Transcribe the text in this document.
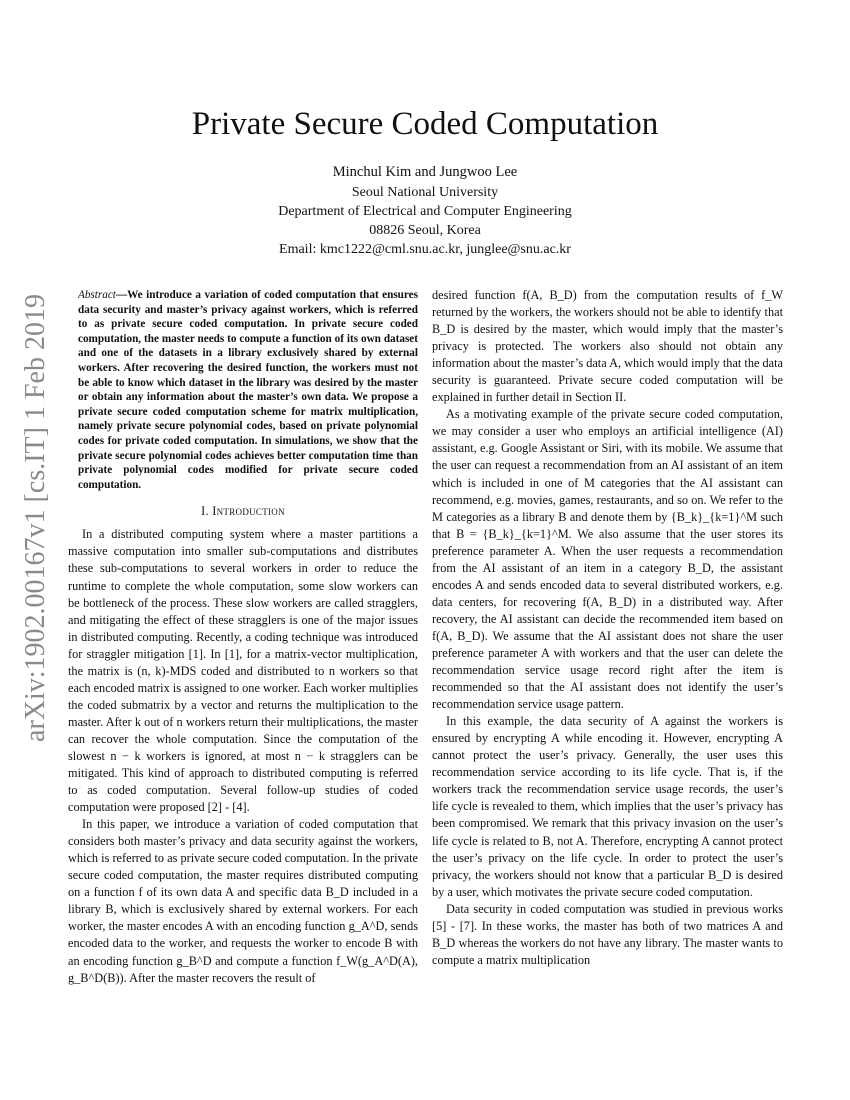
arXiv:1902.00167v1 [cs.IT] 1 Feb 2019
Private Secure Coded Computation
Minchul Kim and Jungwoo Lee
Seoul National University
Department of Electrical and Computer Engineering
08826 Seoul, Korea
Email: kmc1222@cml.snu.ac.kr, junglee@snu.ac.kr
Abstract—We introduce a variation of coded computation that ensures data security and master’s privacy against workers, which is referred to as private secure coded computation. In private secure coded computation, the master needs to compute a function of its own dataset and one of the datasets in a library exclusively shared by external workers. After recovering the desired function, the workers must not be able to know which dataset in the library was desired by the master or obtain any information about the master’s own data. We propose a private secure coded computation scheme for matrix multiplication, namely private secure polynomial codes, based on private polynomial codes for private coded computation. In simulations, we show that the private secure polynomial codes achieves better computation time than private polynomial codes modified for private secure coded computation.
I. Introduction

In a distributed computing system where a master partitions a massive computation into smaller sub-computations and distributes these sub-computations to several workers in order to reduce the runtime to complete the whole computation, some slow workers can be bottleneck of the process. These slow workers are called stragglers, and mitigating the effect of these stragglers is one of the major issues in distributed computing. Recently, a coding technique was introduced for straggler mitigation [1]. In [1], for a matrix-vector multiplication, the matrix is (n, k)-MDS coded and distributed to n workers so that each encoded matrix is assigned to one worker. Each worker multiplies the coded submatrix by a vector and returns the multiplication to the master. After k out of n workers return their multiplications, the master can recover the whole computation. Since the computation of the slowest n − k workers is ignored, at most n − k stragglers can be mitigated. This kind of approach to distributed computing is referred to as coded computation. Several follow-up studies of coded computation were proposed [2] - [4].

In this paper, we introduce a variation of coded computation that considers both master’s privacy and data security against the workers, which is referred to as private secure coded computation. In the private secure coded computation, the master requires distributed computing on a function f of its own data A and specific data B_D included in a library B, which is exclusively shared by external workers. For each worker, the master encodes A with an encoding function g_A^D, sends encoded data to the worker, and requests the worker to encode B with an encoding function g_B^D and compute a function f_W(g_A^D(A), g_B^D(B)). After the master recovers the result of

desired function f(A, B_D) from the computation results of f_W returned by the workers, the workers should not be able to identify that B_D is desired by the master, which would imply that the master’s privacy is protected. The workers also should not obtain any information about the master’s data A, which would imply that the data security is guaranteed. Private secure coded computation will be explained in further detail in Section II.

As a motivating example of the private secure coded computation, we may consider a user who employs an artificial intelligence (AI) assistant, e.g. Google Assistant or Siri, with its mobile. We assume that the user can request a recommendation from an AI assistant of an item which is included in one of M categories that the AI assistant can recommend, e.g. movies, games, restaurants, and so on. We refer to the M categories as a library B and denote them by {B_k}_{k=1}^M such that B = {B_k}_{k=1}^M. We also assume that the user stores its preference parameter A. When the user requests a recommendation from the AI assistant of an item in a category B_D, the assistant encodes A and sends encoded data to several distributed workers, e.g. data centers, for recovering f(A, B_D) in a distributed way. After recovery, the AI assistant can decide the recommended item based on f(A, B_D). We assume that the AI assistant does not share the user preference parameter A with workers and that the user can delete the recommendation service usage record right after the item is recommended so that the AI assistant does not identify the user’s recommendation service usage pattern.

In this example, the data security of A against the workers is ensured by encrypting A while encoding it. However, encrypting A cannot protect the user’s privacy. Generally, the user uses this recommendation service according to its life cycle. That is, if the workers track the recommendation service usage records, the user’s life cycle is revealed to them, which implies that the user’s privacy has been compromised. We remark that this privacy invasion on the user’s life cycle is related to B, not A. Therefore, encrypting A cannot protect the user’s privacy on the life cycle. In order to protect the user’s privacy, the workers should not know that a particular B_D is desired by a user, which motivates the private secure coded computation.

Data security in coded computation was studied in previous works [5] - [7]. In these works, the master has both of two matrices A and B_D whereas the workers do not have any library. The master wants to compute a matrix multiplication
